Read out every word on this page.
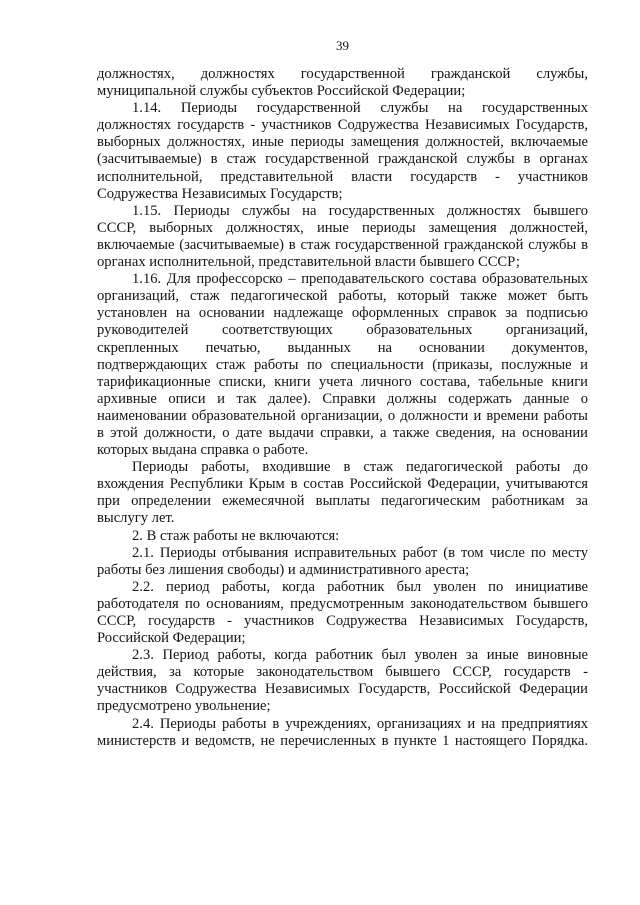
39
должностях, должностях государственной гражданской службы,
муниципальной службы субъектов Российской Федерации;
1.14. Периоды государственной службы на государственных
должностях государств - участников Содружества Независимых Государств,
выборных должностях, иные периоды замещения должностей, включаемые
(засчитываемые) в стаж государственной гражданской службы в органах
исполнительной, представительной власти государств - участников
Содружества Независимых Государств;
1.15. Периоды службы на государственных должностях бывшего
СССР, выборных должностях, иные периоды замещения должностей,
включаемые (засчитываемые) в стаж государственной гражданской службы в
органах исполнительной, представительной власти бывшего СССР;
1.16. Для профессорско – преподавательского состава образовательных
организаций, стаж педагогической работы, который также может быть
установлен на основании надлежаще оформленных справок за подписью
руководителей соответствующих образовательных организаций,
скрепленных печатью, выданных на основании документов,
подтверждающих стаж работы по специальности (приказы, послужные и
тарификационные списки, книги учета личного состава, табельные книги
архивные описи и так далее). Справки должны содержать данные о
наименовании образовательной организации, о должности и времени работы
в этой должности, о дате выдачи справки, а также сведения, на основании
которых выдана справка о работе.
Периоды работы, входившие в стаж педагогической работы до
вхождения Республики Крым в состав Российской Федерации, учитываются
при определении ежемесячной выплаты педагогическим работникам за
выслугу лет.
2. В стаж работы не включаются:
2.1. Периоды отбывания исправительных работ (в том числе по месту
работы без лишения свободы) и административного ареста;
2.2. период работы, когда работник был уволен по инициативе
работодателя по основаниям, предусмотренным законодательством бывшего
СССР, государств - участников Содружества Независимых Государств,
Российской Федерации;
2.3. Период работы, когда работник был уволен за иные виновные
действия, за которые законодательством бывшего СССР, государств -
участников Содружества Независимых Государств, Российской Федерации
предусмотрено увольнение;
2.4. Периоды работы в учреждениях, организациях и на предприятиях
министерств и ведомств, не перечисленных в пункте 1 настоящего Порядка.
